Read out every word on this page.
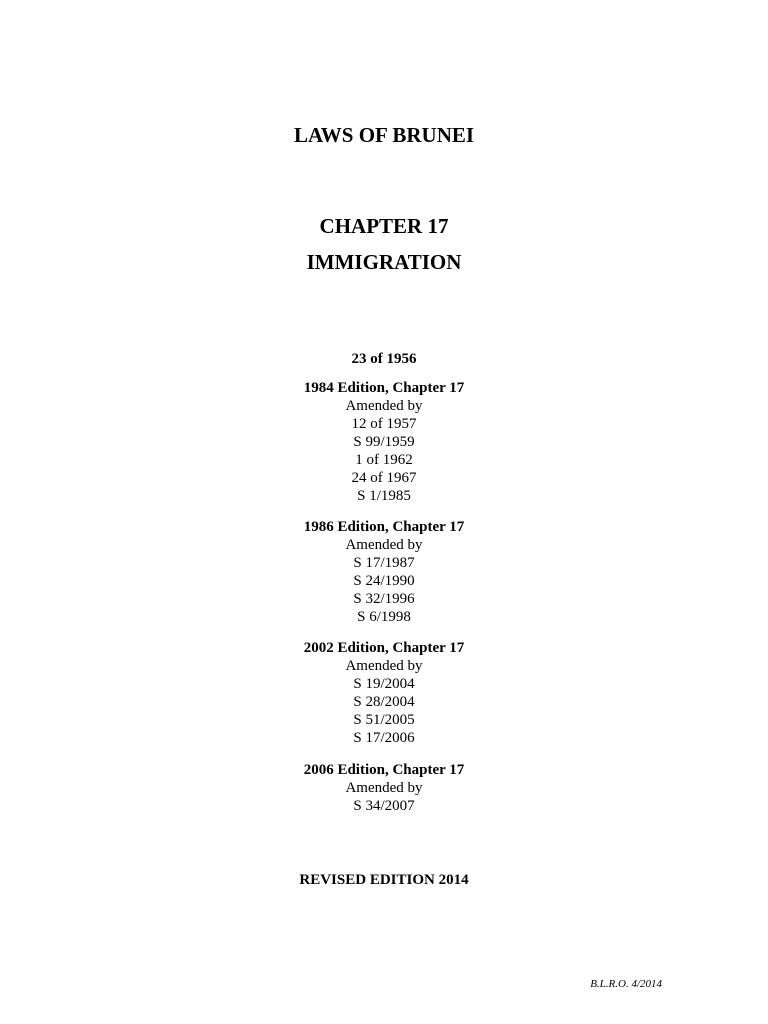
LAWS OF BRUNEI
CHAPTER 17
IMMIGRATION
23 of 1956
1984 Edition, Chapter 17
Amended by
12 of 1957
S 99/1959
1 of 1962
24 of 1967
S 1/1985
1986 Edition, Chapter 17
Amended by
S 17/1987
S 24/1990
S 32/1996
S 6/1998
2002 Edition, Chapter 17
Amended by
S 19/2004
S 28/2004
S 51/2005
S 17/2006
2006 Edition, Chapter 17
Amended by
S 34/2007
REVISED EDITION 2014
B.L.R.O. 4/2014
